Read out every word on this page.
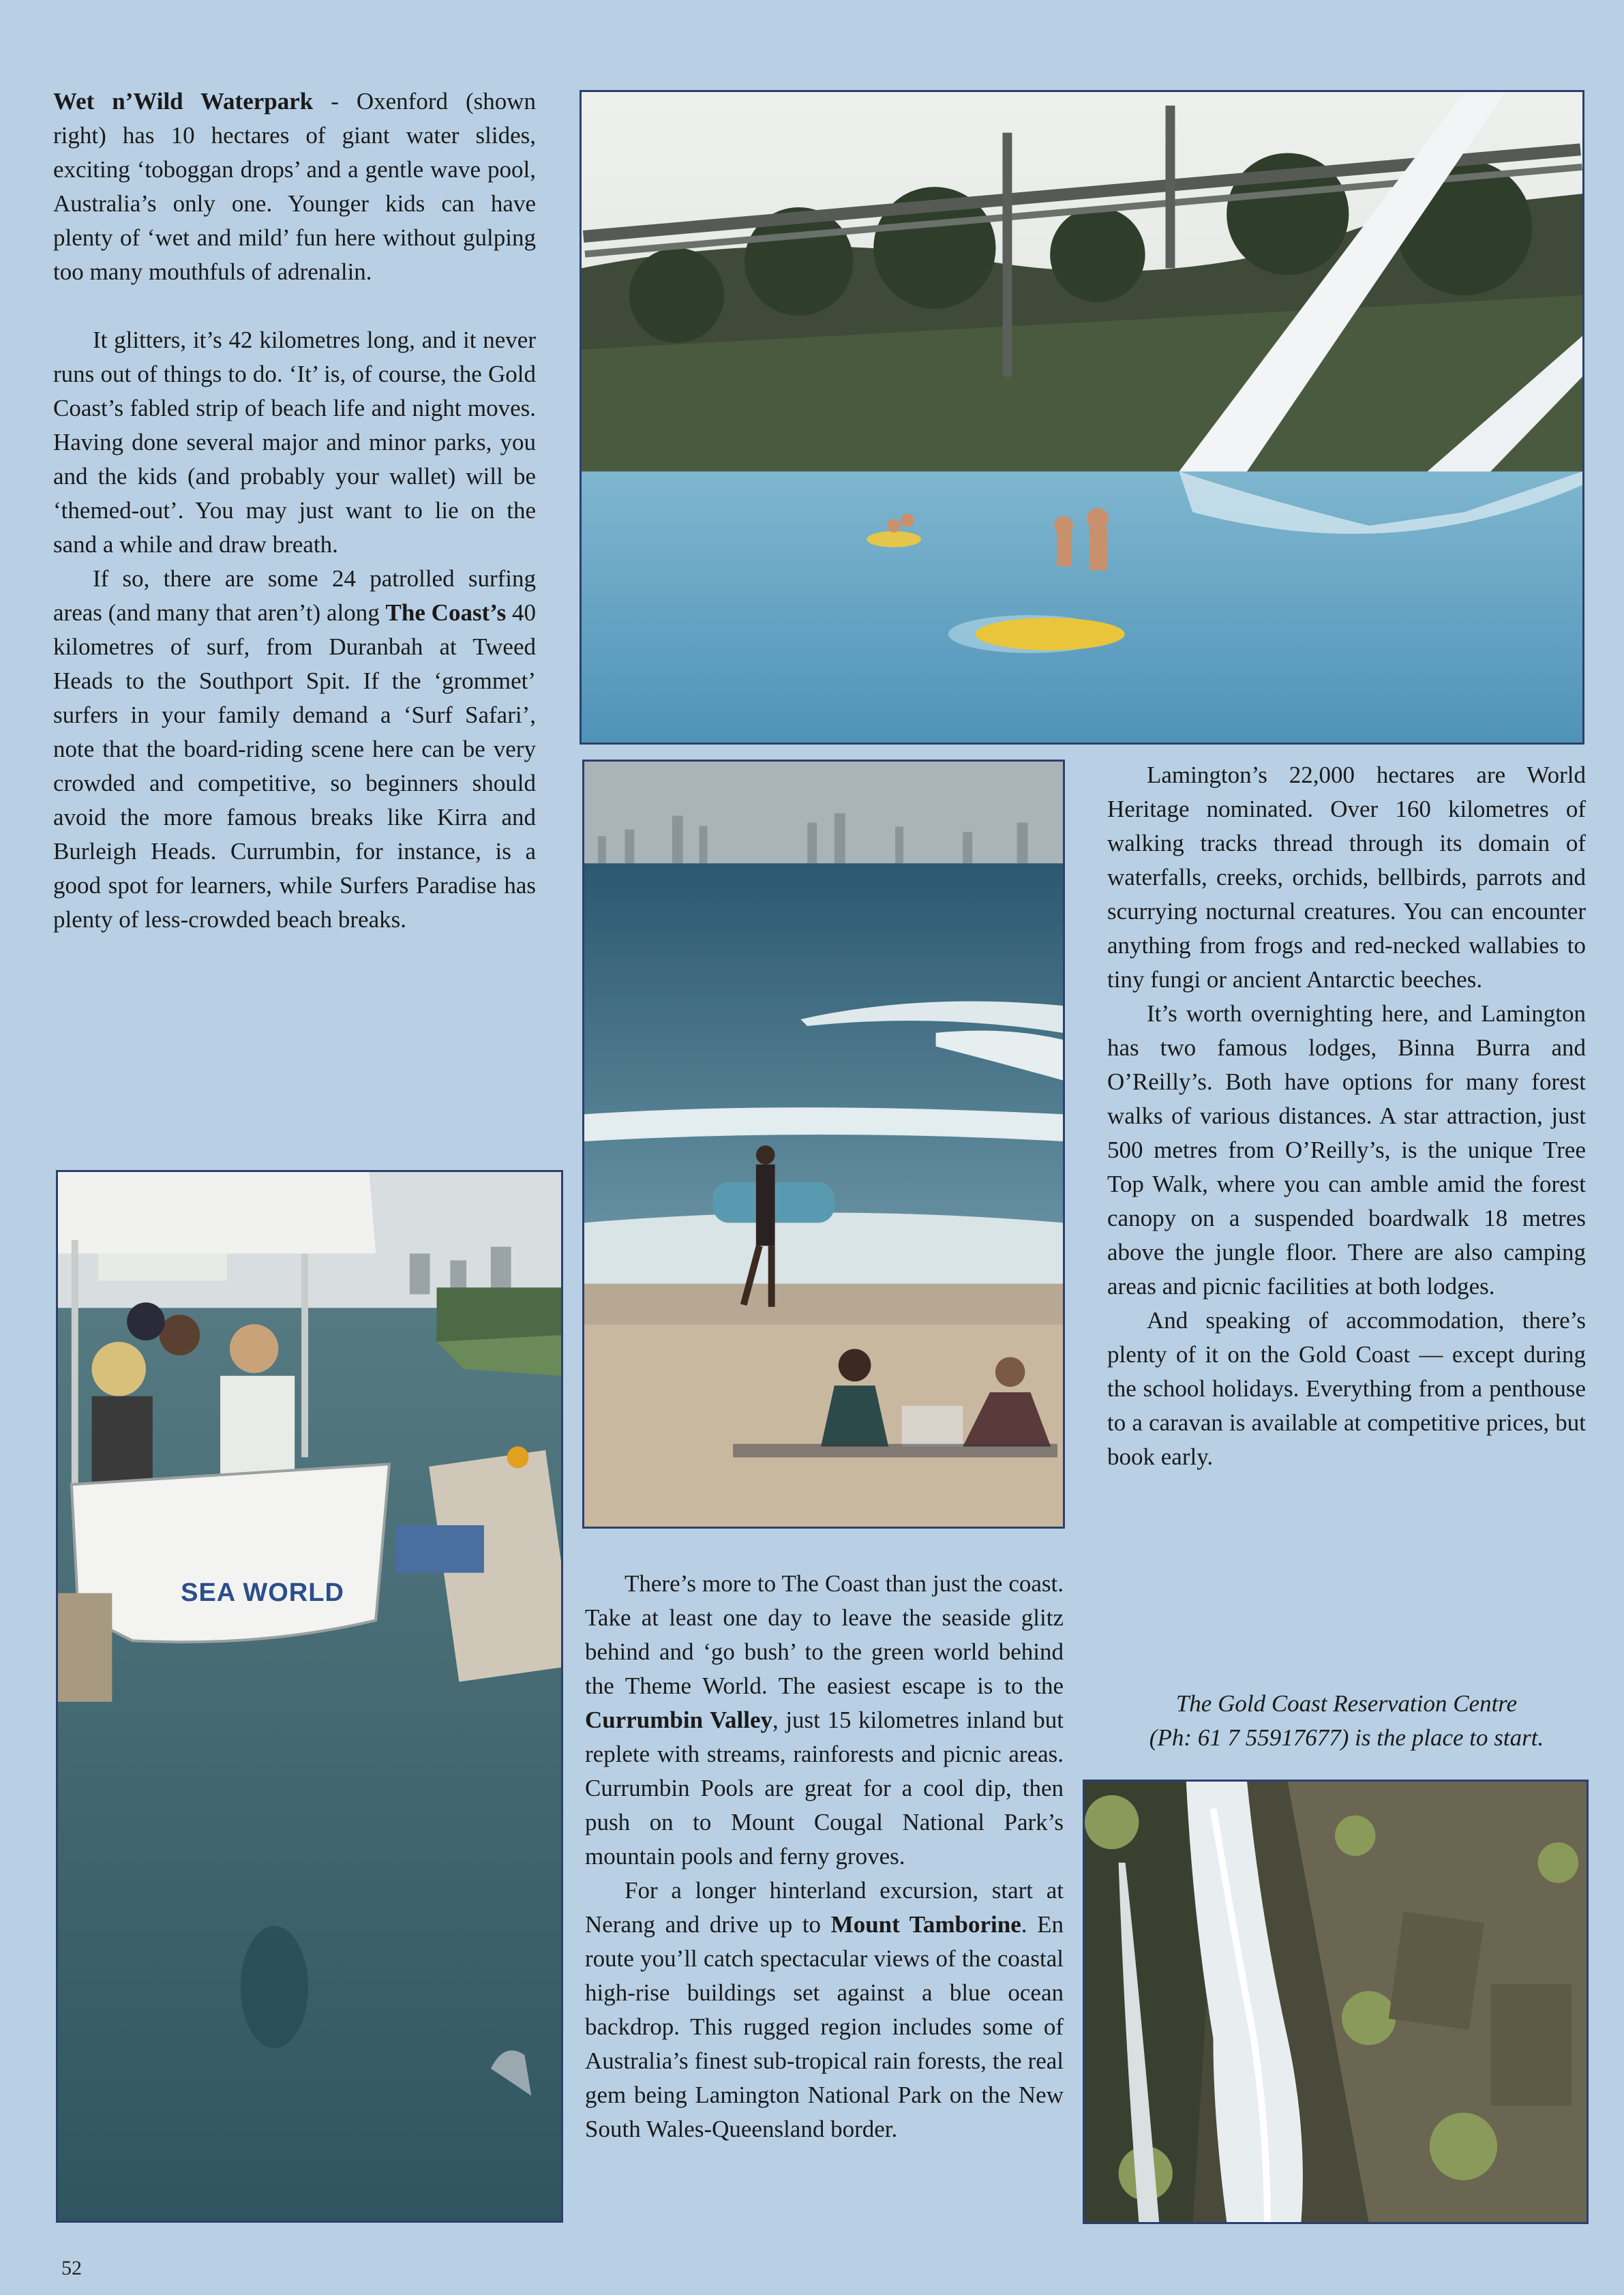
Wet n’Wild Waterpark - Oxenford (shown right) has 10 hectares of giant water slides, exciting ‘toboggan drops’ and a gentle wave pool, Australia’s only one. Younger kids can have plenty of ‘wet and mild’ fun here without gulping too many mouthfuls of adrenalin.

It glitters, it’s 42 kilometres long, and it never runs out of things to do. ‘It’ is, of course, the Gold Coast’s fabled strip of beach life and night moves. Having done several major and minor parks, you and the kids (and probably your wallet) will be ‘themed-out’. You may just want to lie on the sand a while and draw breath.

If so, there are some 24 patrolled surfing areas (and many that aren’t) along The Coast’s 40 kilometres of surf, from Duranbah at Tweed Heads to the Southport Spit. If the ‘grommet’ surfers in your family demand a ‘Surf Safari’, note that the board-riding scene here can be very crowded and competitive, so beginners should avoid the more famous breaks like Kirra and Burleigh Heads. Currumbin, for instance, is a good spot for learners, while Surfers Paradise has plenty of less-crowded beach breaks.

Lamington’s 22,000 hectares are World Heritage nominated. Over 160 kilometres of walking tracks thread through its domain of waterfalls, creeks, orchids, bellbirds, parrots and scurrying nocturnal creatures. You can encounter anything from frogs and red-necked wallabies to tiny fungi or ancient Antarctic beeches.

It’s worth overnighting here, and Lamington has two famous lodges, Binna Burra and O’Reilly’s. Both have options for many forest walks of various distances. A star attraction, just 500 metres from O’Reilly’s, is the unique Tree Top Walk, where you can amble amid the forest canopy on a suspended boardwalk 18 metres above the jungle floor. There are also camping areas and picnic facilities at both lodges.

And speaking of accommodation, there’s plenty of it on the Gold Coast — except during the school holidays. Everything from a penthouse to a caravan is available at competitive prices, but book early.

The Gold Coast Reservation Centre
(Ph: 61 7 55917677) is the place to start.
SEA WORLD	There’s more to The Coast than just the coast. Take at least one day to leave the seaside glitz behind and ‘go bush’ to the green world behind the Theme World. The easiest escape is to the Currumbin Valley, just 15 kilometres inland but replete with streams, rainforests and picnic areas. Currumbin Pools are great for a cool dip, then push on to Mount Cougal National Park’s mountain pools and ferny groves.

For a longer hinterland excursion, start at Nerang and drive up to Mount Tamborine. En route you’ll catch spectacular views of the coastal high-rise buildings set against a blue ocean backdrop. This rugged region includes some of Australia’s finest sub-tropical rain forests, the real gem being Lamington National Park on the New South Wales-Queensland border.

52
